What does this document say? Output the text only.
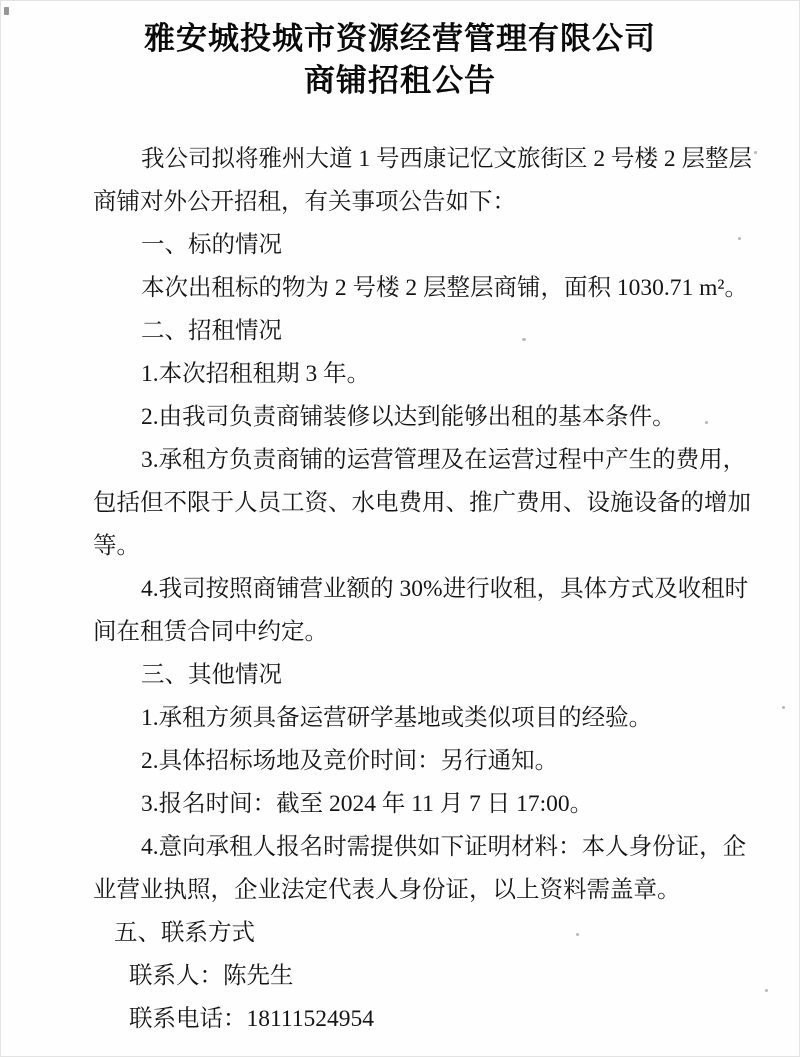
雅安城投城市资源经营管理有限公司
商铺招租公告
我公司拟将雅州大道 1 号西康记忆文旅街区 2 号楼 2 层整层
商铺对外公开招租，有关事项公告如下：
一、标的情况
本次出租标的物为 2 号楼 2 层整层商铺，面积 1030.71 m²。
二、招租情况
1.本次招租租期 3 年。
2.由我司负责商铺装修以达到能够出租的基本条件。
3.承租方负责商铺的运营管理及在运营过程中产生的费用，
包括但不限于人员工资、水电费用、推广费用、设施设备的增加
等。
4.我司按照商铺营业额的 30%进行收租，具体方式及收租时
间在租赁合同中约定。
三、其他情况
1.承租方须具备运营研学基地或类似项目的经验。
2.具体招标场地及竞价时间：另行通知。
3.报名时间：截至 2024 年 11 月 7 日 17:00。
4.意向承租人报名时需提供如下证明材料：本人身份证，企
业营业执照，企业法定代表人身份证，以上资料需盖章。
五、联系方式
联系人：陈先生
联系电话：18111524954
